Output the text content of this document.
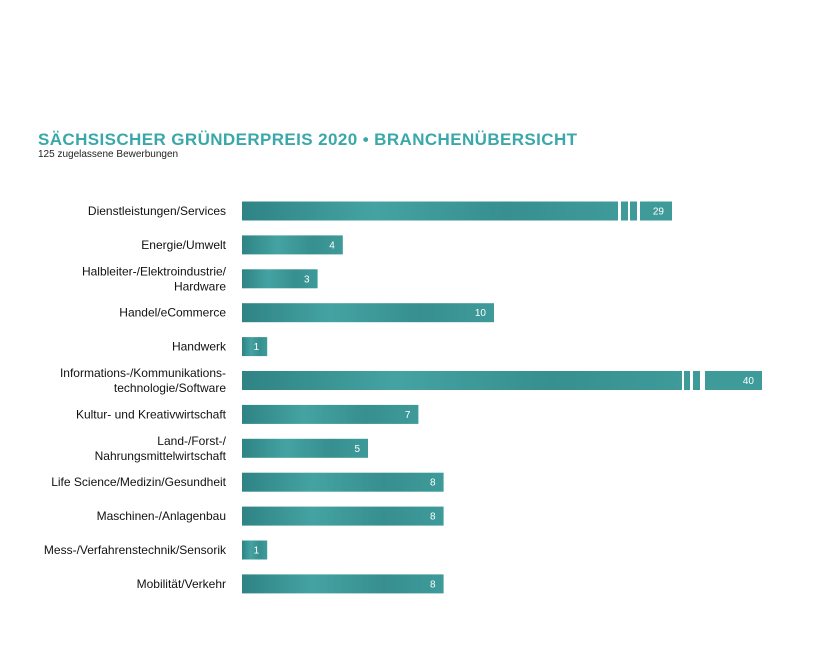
SÄCHSISCHER GRÜNDERPREIS 2020 • BRANCHENÜBERSICHT

125 zugelassene Bewerbungen

Dienstleistungen/Services	29
Energie/Umwelt	4
Halbleiter-/Elektroindustrie/ Hardware	3
Handel/eCommerce	10
Handwerk	1
Informations-/Kommunikations-technologie/Software	40
Kultur- und Kreativwirtschaft	7
Land-/Forst-/ Nahrungsmittelwirtschaft	5
Life Science/Medizin/Gesundheit	8
Maschinen-/Anlagenbau	8
Mess-/Verfahrenstechnik/Sensorik	1
Mobilität/Verkehr	8
